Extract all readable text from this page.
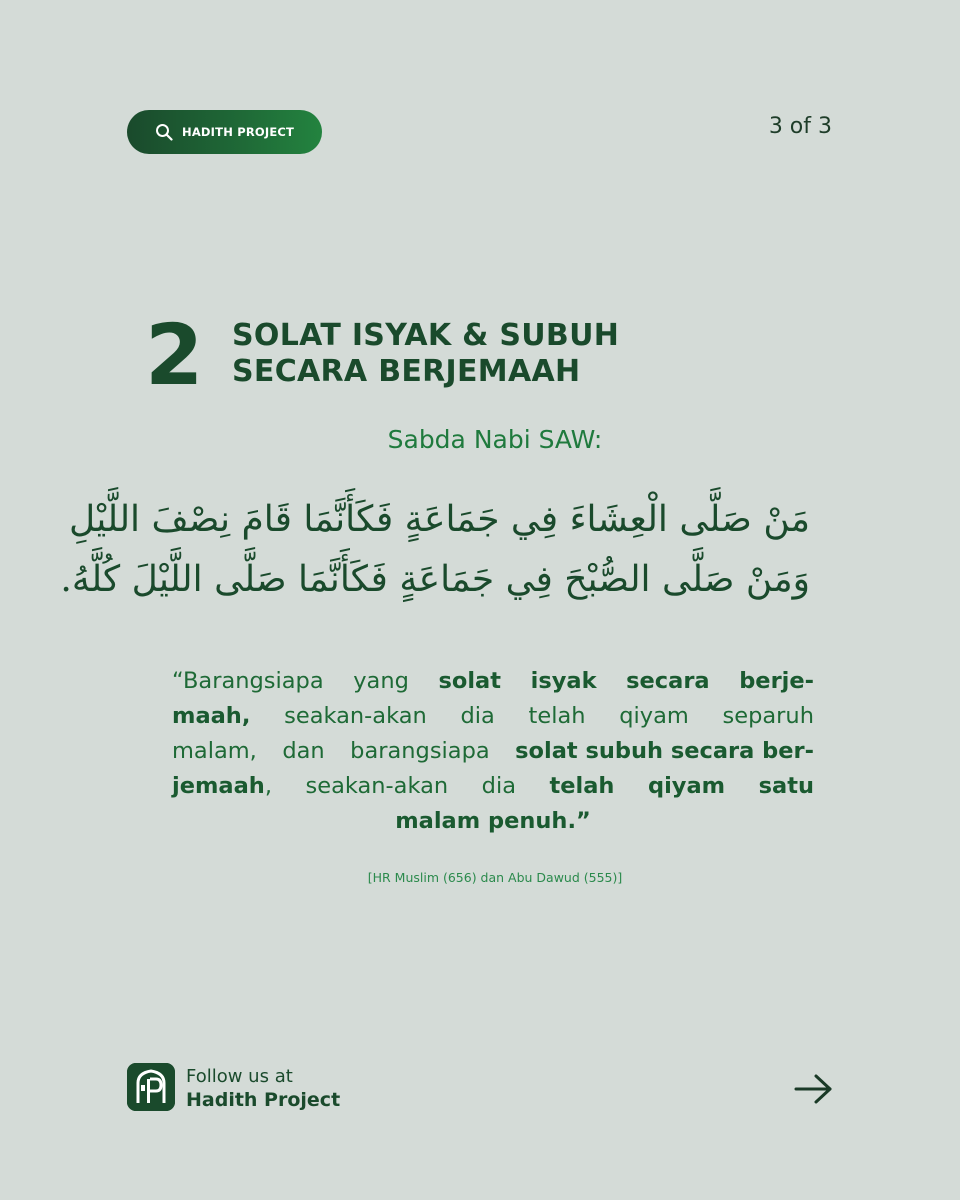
HADITH PROJECT	3 of 3
2 SOLAT ISYAK & SUBUH
SECARA BERJEMAAH
Sabda Nabi SAW:
مَنْ صَلَّى الْعِشَاءَ فِي جَمَاعَةٍ فَكَأَنَّمَا قَامَ نِصْفَ اللَّيْلِ
وَمَنْ صَلَّى الصُّبْحَ فِي جَمَاعَةٍ فَكَأَنَّمَا صَلَّى اللَّيْلَ كُلَّهُ.
“Barangsiapa yang solat isyak secara berje-
maah, seakan-akan dia telah qiyam separuh
malam, dan barangsiapa solat subuh secara ber-
jemaah, seakan-akan dia telah qiyam satu
malam penuh.”
[HR Muslim (656) dan Abu Dawud (555)]
Follow us at
Hadith Project
